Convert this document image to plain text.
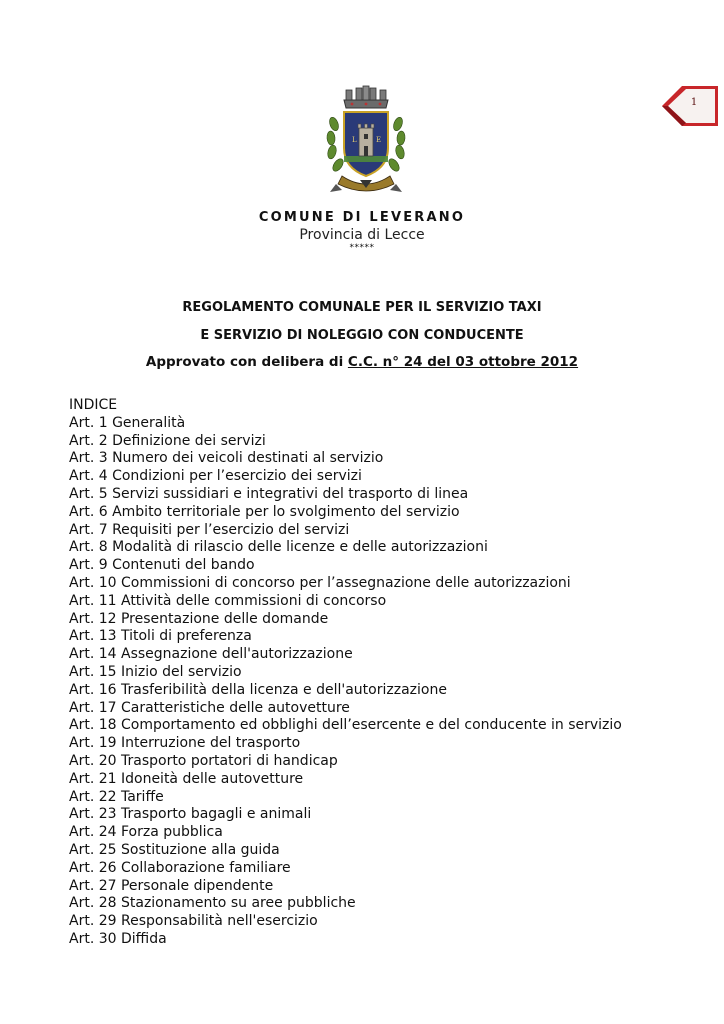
1
L	E
COMUNE DI LEVERANO
Provincia di Lecce
*****
REGOLAMENTO COMUNALE PER IL SERVIZIO TAXI
E SERVIZIO DI NOLEGGIO CON CONDUCENTE
Approvato con delibera di C.C. n° 24 del 03 ottobre 2012
INDICE
Art. 1 Generalità
Art. 2 Definizione dei servizi
Art. 3 Numero dei veicoli destinati al servizio
Art. 4 Condizioni per l’esercizio dei servizi
Art. 5 Servizi sussidiari e integrativi del trasporto di linea
Art. 6 Ambito territoriale per lo svolgimento del servizio
Art. 7 Requisiti per l’esercizio del servizi
Art. 8 Modalità di rilascio delle licenze e delle autorizzazioni
Art. 9 Contenuti del bando
Art. 10 Commissioni di concorso per l’assegnazione delle autorizzazioni
Art. 11 Attività delle commissioni di concorso
Art. 12 Presentazione delle domande
Art. 13 Titoli di preferenza
Art. 14 Assegnazione dell'autorizzazione
Art. 15 Inizio del servizio
Art. 16 Trasferibilità della licenza e dell'autorizzazione
Art. 17 Caratteristiche delle autovetture
Art. 18 Comportamento ed obblighi dell’esercente e del conducente in servizio
Art. 19 Interruzione del trasporto
Art. 20 Trasporto portatori di handicap
Art. 21 Idoneità delle autovetture
Art. 22 Tariffe
Art. 23 Trasporto bagagli e animali
Art. 24 Forza pubblica
Art. 25 Sostituzione alla guida
Art. 26 Collaborazione familiare
Art. 27 Personale dipendente
Art. 28 Stazionamento su aree pubbliche
Art. 29 Responsabilità nell'esercizio
Art. 30 Diffida
